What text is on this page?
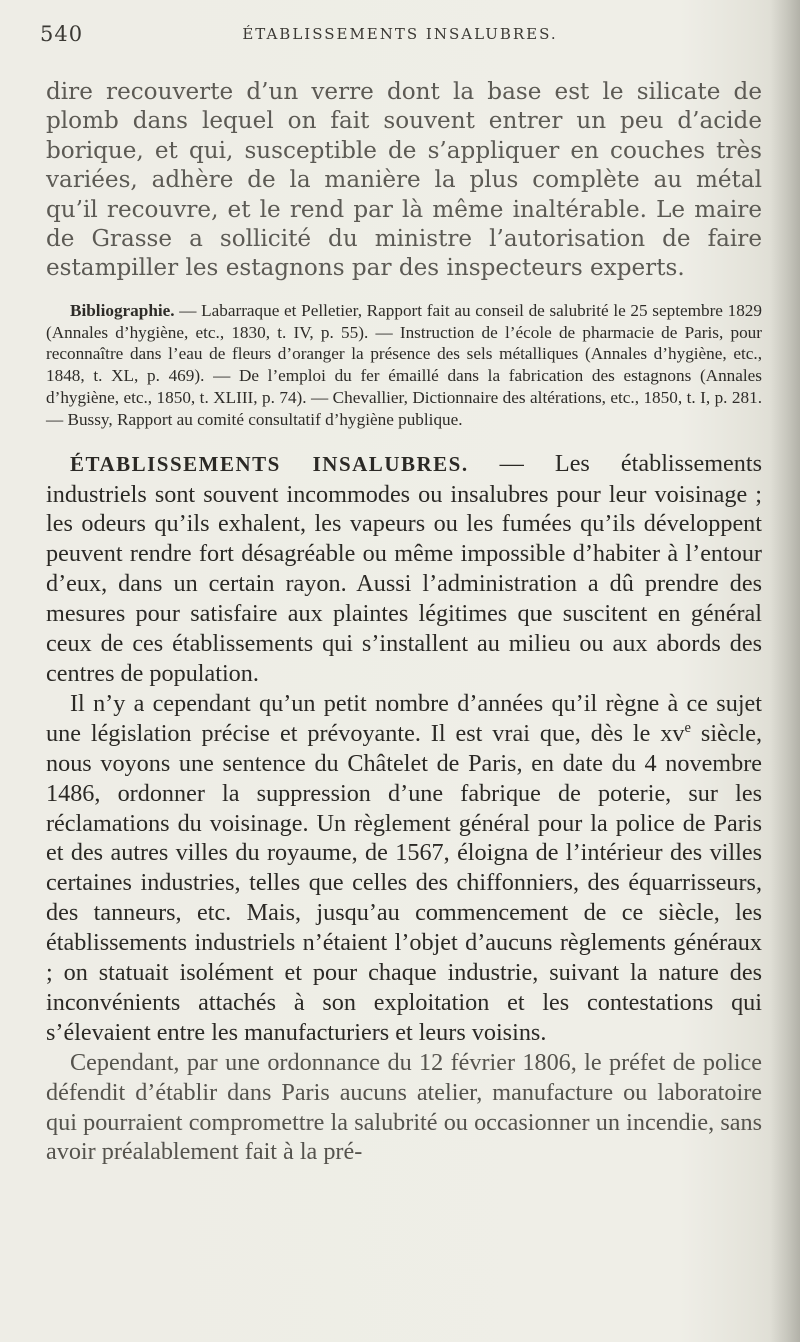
540	ÉTABLISSEMENTS INSALUBRES.

dire recouverte d’un verre dont la base est le silicate de plomb dans lequel on fait souvent entrer un peu d’acide borique, et qui, susceptible de s’appliquer en couches très variées, adhère de la manière la plus complète au métal qu’il recouvre, et le rend par là même inaltérable. Le maire de Grasse a sollicité du ministre l’autorisation de faire estampiller les estagnons par des inspecteurs experts.

Bibliographie. — Labarraque et Pelletier, Rapport fait au conseil de salubrité le 25 septembre 1829 (Annales d’hygiène, etc., 1830, t. IV, p. 55). — Instruction de l’école de pharmacie de Paris, pour reconnaître dans l’eau de fleurs d’oranger la présence des sels métalliques (Annales d’hygiène, etc., 1848, t. XL, p. 469). — De l’emploi du fer émaillé dans la fabrication des estagnons (Annales d’hygiène, etc., 1850, t. XLIII, p. 74). — Chevallier, Dictionnaire des altérations, etc., 1850, t. I, p. 281. — Bussy, Rapport au comité consultatif d’hygiène publique.

ÉTABLISSEMENTS INSALUBRES. — Les établissements industriels sont souvent incommodes ou insalubres pour leur voisinage ; les odeurs qu’ils exhalent, les vapeurs ou les fumées qu’ils développent peuvent rendre fort désagréable ou même impossible d’habiter à l’entour d’eux, dans un certain rayon. Aussi l’administration a dû prendre des mesures pour satisfaire aux plaintes légitimes que suscitent en général ceux de ces établissements qui s’installent au milieu ou aux abords des centres de population.

Il n’y a cependant qu’un petit nombre d’années qu’il règne à ce sujet une législation précise et prévoyante. Il est vrai que, dès le $xv^e$ siècle, nous voyons une sentence du Châtelet de Paris, en date du 4 novembre 1486, ordonner la suppression d’une fabrique de poterie, sur les réclamations du voisinage. Un règlement général pour la police de Paris et des autres villes du royaume, de 1567, éloigna de l’intérieur des villes certaines industries, telles que celles des chiffonniers, des équarrisseurs, des tanneurs, etc. Mais, jusqu’au commencement de ce siècle, les établissements industriels n’étaient l’objet d’aucuns règlements généraux ; on statuait isolément et pour chaque industrie, suivant la nature des inconvénients attachés à son exploitation et les contestations qui s’élevaient entre les manufacturiers et leurs voisins.

Cependant, par une ordonnance du 12 février 1806, le préfet de police défendit d’établir dans Paris aucuns atelier, manufacture ou laboratoire qui pourraient compromettre la salubrité ou occasionner un incendie, sans avoir préalablement fait à la pré-
